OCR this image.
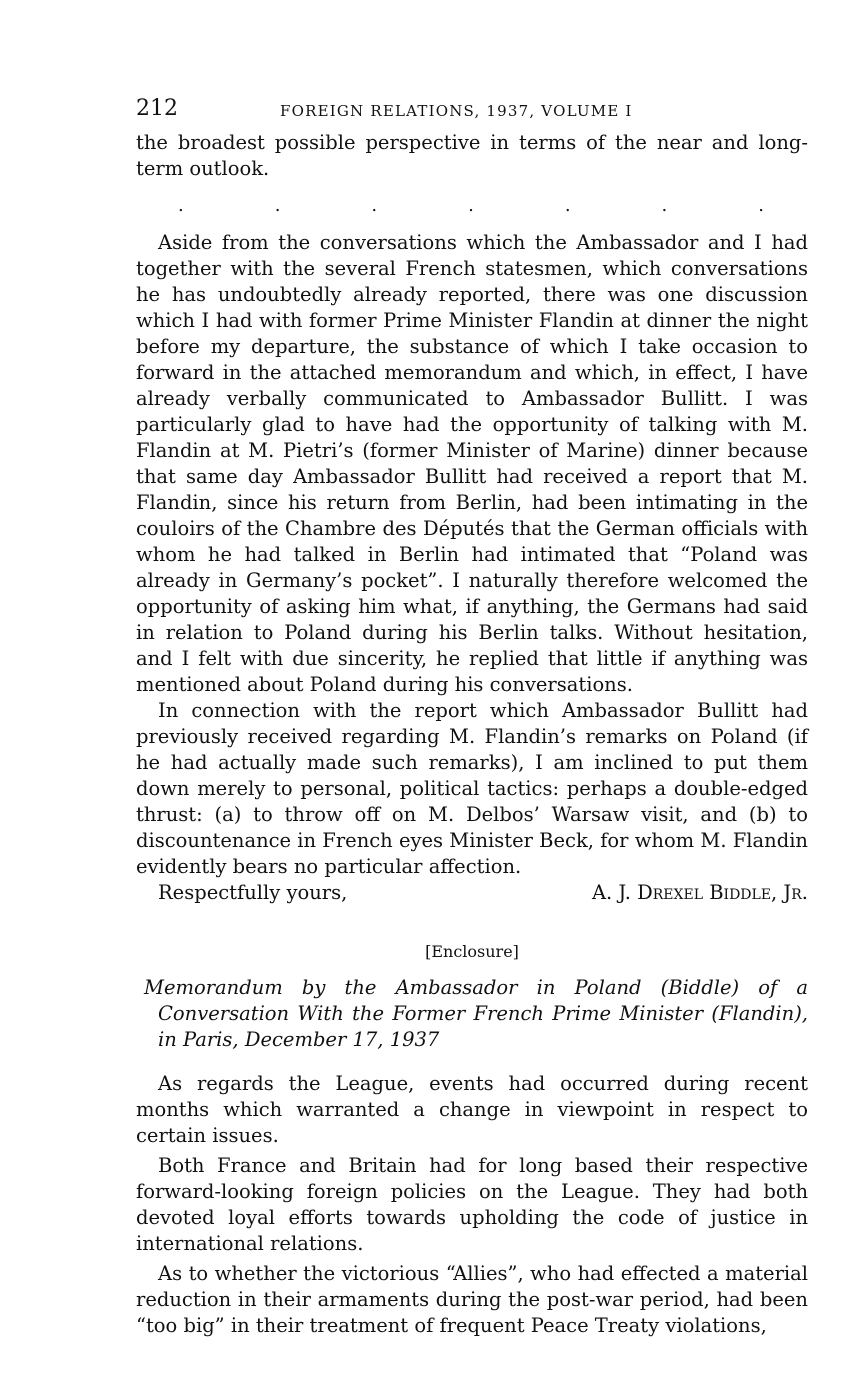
212	FOREIGN RELATIONS, 1937, VOLUME I

the broadest possible perspective in terms of the near and long-term outlook.

.	.	.	.	.	.	.

Aside from the conversations which the Ambassador and I had together with the several French statesmen, which conversations he has undoubtedly already reported, there was one discussion which I had with former Prime Minister Flandin at dinner the night before my departure, the substance of which I take occasion to forward in the attached memorandum and which, in effect, I have already verbally communicated to Ambassador Bullitt. I was particularly glad to have had the opportunity of talking with M. Flandin at M. Pietri’s (former Minister of Marine) dinner because that same day Ambassador Bullitt had received a report that M. Flandin, since his return from Berlin, had been intimating in the couloirs of the Chambre des Députés that the German officials with whom he had talked in Berlin had intimated that “Poland was already in Germany’s pocket”. I naturally therefore welcomed the opportunity of asking him what, if anything, the Germans had said in relation to Poland during his Berlin talks. Without hesitation, and I felt with due sincerity, he replied that little if anything was mentioned about Poland during his conversations.

In connection with the report which Ambassador Bullitt had previously received regarding M. Flandin’s remarks on Poland (if he had actually made such remarks), I am inclined to put them down merely to personal, political tactics: perhaps a double-edged thrust: (a) to throw off on M. Delbos’ Warsaw visit, and (b) to discountenance in French eyes Minister Beck, for whom M. Flandin evidently bears no particular affection.

Respectfully yours,	A. J. Drexel Biddle, Jr.
[Enclosure]
Memorandum by the Ambassador in Poland (Biddle) of a Conversation With the Former French Prime Minister (Flandin), in Paris, December 17, 1937

As regards the League, events had occurred during recent months which warranted a change in viewpoint in respect to certain issues.

Both France and Britain had for long based their respective forward-looking foreign policies on the League. They had both devoted loyal efforts towards upholding the code of justice in international relations.

As to whether the victorious “Allies”, who had effected a material reduction in their armaments during the post-war period, had been “too big” in their treatment of frequent Peace Treaty violations,
